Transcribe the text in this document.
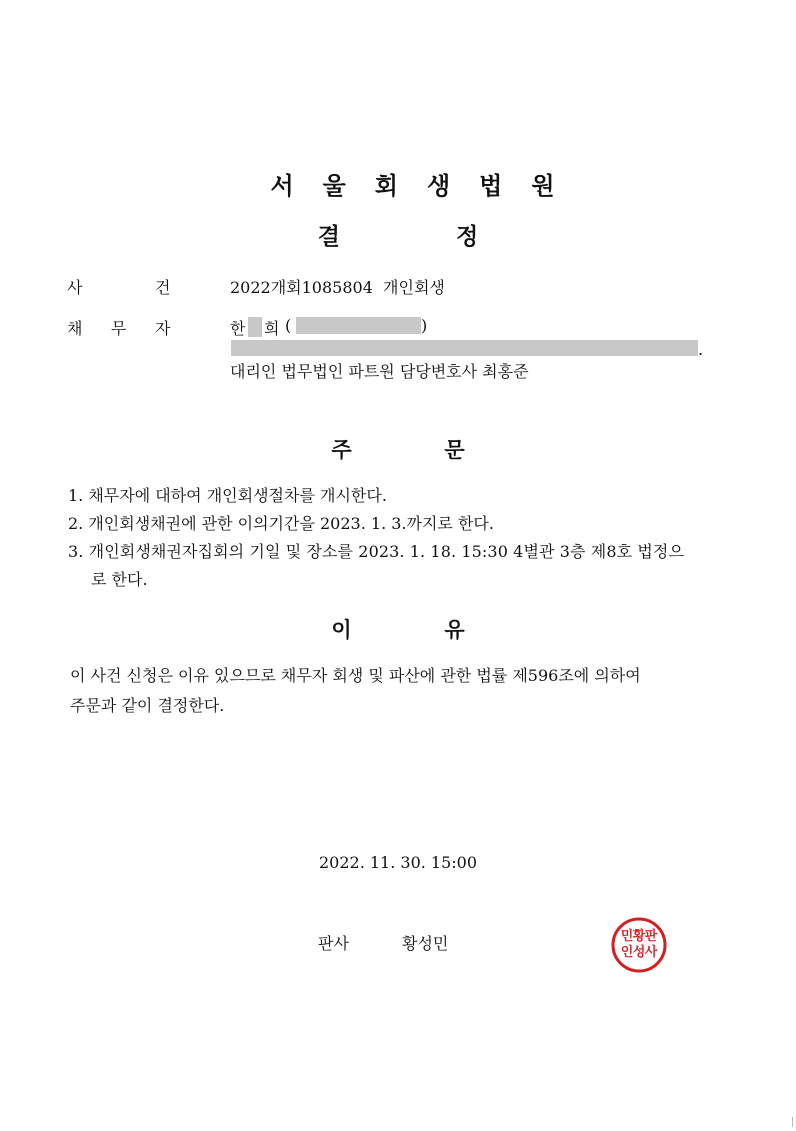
서울회생법원
결	정
사	건	2022개회1085804  개인회생
채 무 자	한 희 (	)
.
대리인 법무법인 파트원 담당변호사 최홍준
주	문
1. 채무자에 대하여 개인회생절차를 개시한다.
2. 개인회생채권에 관한 이의기간을 2023. 1. 3.까지로 한다.
3. 개인회생채권자집회의 기일 및 장소를 2023. 1. 18. 15:30 4별관 3층 제8호 법정으
로 한다.
이	유
이 사건 신청은 이유 있으므로 채무자 회생 및 파산에 관한 법률 제596조에 의하여
주문과 같이 결정한다.
2022. 11. 30. 15:00
판사	황성민	판
사
황
성
민
인
